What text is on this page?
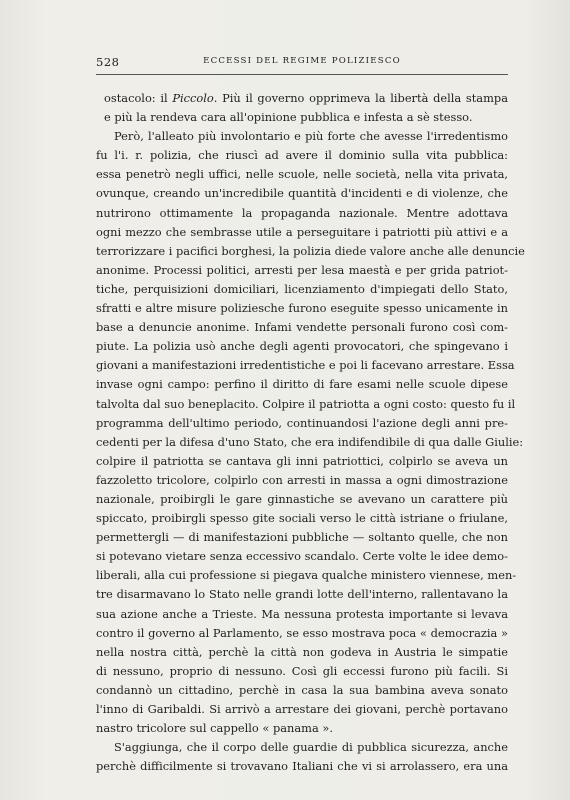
528	ECCESSI DEL REGIME POLIZIESCO
ostacolo: il Piccolo. Più il governo opprimeva la libertà della stampa
e più la rendeva cara all'opinione pubblica e infesta a sè stesso.
Però, l'alleato più involontario e più forte che avesse l'irredentismo
fu l'i. r. polizia, che riuscì ad avere il dominio sulla vita pubblica:
essa penetrò negli uffici, nelle scuole, nelle società, nella vita privata,
ovunque, creando un'incredibile quantità d'incidenti e di violenze, che
nutrirono ottimamente la propaganda nazionale. Mentre adottava
ogni mezzo che sembrasse utile a perseguitare i patriotti più attivi e a
terrorizzare i pacifici borghesi, la polizia diede valore anche alle denuncie
anonime. Processi politici, arresti per lesa maestà e per grida patriot-
tiche, perquisizioni domiciliari, licenziamento d'impiegati dello Stato,
sfratti e altre misure poliziesche furono eseguite spesso unicamente in
base a denuncie anonime. Infami vendette personali furono così com-
piute. La polizia usò anche degli agenti provocatori, che spingevano i
giovani a manifestazioni irredentistiche e poi li facevano arrestare. Essa
invase ogni campo: perfino il diritto di fare esami nelle scuole dipese
talvolta dal suo beneplacito. Colpire il patriotta a ogni costo: questo fu il
programma dell'ultimo periodo, continuandosi l'azione degli anni pre-
cedenti per la difesa d'uno Stato, che era indifendibile di qua dalle Giulie:
colpire il patriotta se cantava gli inni patriottici, colpirlo se aveva un
fazzoletto tricolore, colpirlo con arresti in massa a ogni dimostrazione
nazionale, proibirgli le gare ginnastiche se avevano un carattere più
spiccato, proibirgli spesso gite sociali verso le città istriane o friulane,
permettergli — di manifestazioni pubbliche — soltanto quelle, che non
si potevano vietare senza eccessivo scandalo. Certe volte le idee demo-
liberali, alla cui professione si piegava qualche ministero viennese, men-
tre disarmavano lo Stato nelle grandi lotte dell'interno, rallentavano la
sua azione anche a Trieste. Ma nessuna protesta importante si levava
contro il governo al Parlamento, se esso mostrava poca « democrazia »
nella nostra città, perchè la città non godeva in Austria le simpatie
di nessuno, proprio di nessuno. Così gli eccessi furono più facili. Si
condannò un cittadino, perchè in casa la sua bambina aveva sonato
l'inno di Garibaldi. Si arrivò a arrestare dei giovani, perchè portavano
nastro tricolore sul cappello « panama ».
S'aggiunga, che il corpo delle guardie di pubblica sicurezza, anche
perchè difficilmente si trovavano Italiani che vi si arrolassero, era una
